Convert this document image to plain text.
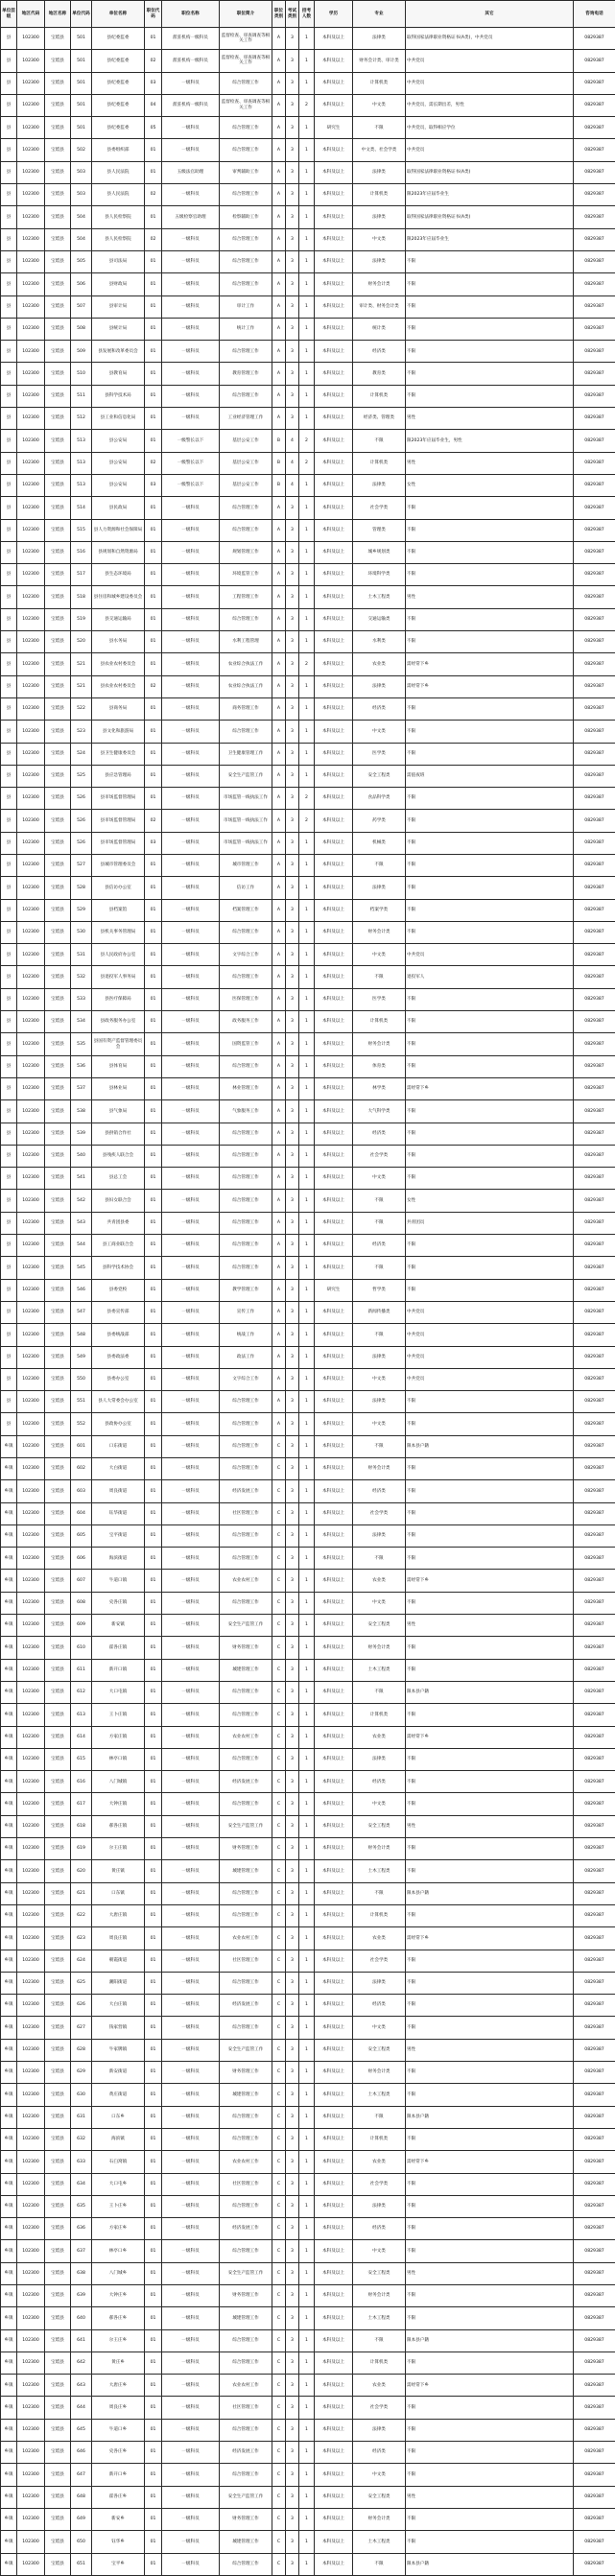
单位层级	地区代码	地区名称	单位代码	单位名称	职位代码	职位名称	职位简介	职位类别	考试类别	招考人数	学历	专业	其它	咨询电话
县	102300	宝坻县	501	县纪委监委	01	派驻机构一级科员	监督检查、审查调查等相关工作	A	3	1	本科及以上	法律类	取得国家法律职业资格证书(A类)，中共党员	0829387
县	102300	宝坻县	501	县纪委监委	02	派驻机构一级科员	监督检查、审查调查等相关工作	A	3	1	本科及以上	财务会计类、审计类	中共党员	0829387
县	102300	宝坻县	501	县纪委监委	03	一级科员	综合管理工作	A	3	1	本科及以上	计算机类	中共党员	0829387
县	102300	宝坻县	501	县纪委监委	04	派驻机构一级科员	监督检查、审查调查等相关工作	A	3	2	本科及以上	中文类	中共党员，需长期出差，男性	0829387
县	102300	宝坻县	501	县纪委监委	05	一级科员	综合管理工作	A	3	1	研究生	不限	中共党员，取得相应学位	0829387
县	102300	宝坻县	502	县委组织部	01	一级科员	综合管理工作	A	3	1	本科及以上	中文类、社会学类	中共党员	0829387
县	102300	宝坻县	503	县人民法院	01	五级法官助理	审判辅助工作	A	3	1	本科及以上	法律类	取得国家法律职业资格证书(A类)	0829387
县	102300	宝坻县	503	县人民法院	02	一级科员	综合管理工作	A	3	1	本科及以上	计算机类	限2023年应届毕业生	0829387
县	102300	宝坻县	504	县人民检察院	01	五级检察官助理	检察辅助工作	A	3	1	本科及以上	法律类	取得国家法律职业资格证书(A类)	0829387
县	102300	宝坻县	504	县人民检察院	02	一级科员	综合管理工作	A	3	1	本科及以上	中文类	限2023年应届毕业生	0829387
县	102300	宝坻县	505	县司法局	01	一级科员	综合管理工作	A	3	1	本科及以上	法律类	不限	0829387
县	102300	宝坻县	506	县财政局	01	一级科员	综合管理工作	A	3	1	本科及以上	财务会计类	不限	0829387
县	102300	宝坻县	507	县审计局	01	一级科员	审计工作	A	3	1	本科及以上	审计类、财务会计类	不限	0829387
县	102300	宝坻县	508	县统计局	01	一级科员	统计工作	A	3	1	本科及以上	统计类	不限	0829387
县	102300	宝坻县	509	县发展和改革委员会	01	一级科员	综合管理工作	A	3	1	本科及以上	经济类	不限	0829387
县	102300	宝坻县	510	县教育局	01	一级科员	教育管理工作	A	3	1	本科及以上	教育类	不限	0829387
县	102300	宝坻县	511	县科学技术局	01	一级科员	综合管理工作	A	3	1	本科及以上	计算机类	不限	0829387
县	102300	宝坻县	512	县工业和信息化局	01	一级科员	工业经济管理工作	A	3	1	本科及以上	经济类、管理类	男性	0829387
县	102300	宝坻县	513	县公安局	01	一级警长以下	基层公安工作	B	4	2	本科及以上	不限	限2023年应届毕业生，男性	0829387
县	102300	宝坻县	513	县公安局	02	一级警长以下	基层公安工作	B	4	2	本科及以上	计算机类	男性	0829387
县	102300	宝坻县	513	县公安局	03	一级警长以下	基层公安工作	B	4	1	本科及以上	法律类	女性	0829387
县	102300	宝坻县	514	县民政局	01	一级科员	综合管理工作	A	3	1	本科及以上	社会学类	不限	0829387
县	102300	宝坻县	515	县人力资源和社会保障局	01	一级科员	综合管理工作	A	3	1	本科及以上	管理类	不限	0829387
县	102300	宝坻县	516	县规划和自然资源局	01	一级科员	规划管理工作	A	3	1	本科及以上	城乡规划类	不限	0829387
县	102300	宝坻县	517	县生态环境局	01	一级科员	环境监管工作	A	3	1	本科及以上	环境科学类	不限	0829387
县	102300	宝坻县	518	县住房和城乡建设委员会	01	一级科员	工程管理工作	A	3	1	本科及以上	土木工程类	男性	0829387
县	102300	宝坻县	519	县交通运输局	01	一级科员	综合管理工作	A	3	1	本科及以上	交通运输类	不限	0829387
县	102300	宝坻县	520	县水务局	01	一级科员	水利工程管理	A	3	1	本科及以上	水利类	不限	0829387
县	102300	宝坻县	521	县农业农村委员会	01	一级科员	农业综合执法工作	A	3	2	本科及以上	农业类	需经常下乡	0829387
县	102300	宝坻县	521	县农业农村委员会	02	一级科员	农业综合执法工作	A	3	1	本科及以上	法律类	需经常下乡	0829387
县	102300	宝坻县	522	县商务局	01	一级科员	商务管理工作	A	3	1	本科及以上	经济类	不限	0829387
县	102300	宝坻县	523	县文化和旅游局	01	一级科员	综合管理工作	A	3	1	本科及以上	中文类	不限	0829387
县	102300	宝坻县	524	县卫生健康委员会	01	一级科员	卫生健康管理工作	A	3	1	本科及以上	医学类	不限	0829387
县	102300	宝坻县	525	县应急管理局	01	一级科员	安全生产监管工作	A	3	1	本科及以上	安全工程类	需值夜班	0829387
县	102300	宝坻县	526	县市场监督管理局	01	一级科员	市场监管一线执法工作	A	3	2	本科及以上	食品科学类	不限	0829387
县	102300	宝坻县	526	县市场监督管理局	02	一级科员	市场监管一线执法工作	A	3	2	本科及以上	药学类	不限	0829387
县	102300	宝坻县	526	县市场监督管理局	03	一级科员	市场监管一线执法工作	A	3	1	本科及以上	机械类	不限	0829387
县	102300	宝坻县	527	县城市管理委员会	01	一级科员	城市管理工作	A	3	1	本科及以上	不限	不限	0829387
县	102300	宝坻县	528	县信访办公室	01	一级科员	信访工作	A	3	1	本科及以上	法律类	不限	0829387
县	102300	宝坻县	529	县档案馆	01	一级科员	档案管理工作	A	3	1	本科及以上	档案学类	不限	0829387
县	102300	宝坻县	530	县机关事务管理局	01	一级科员	综合管理工作	A	3	1	本科及以上	财务会计类	不限	0829387
县	102300	宝坻县	531	县人民政府办公室	01	一级科员	文字综合工作	A	3	1	本科及以上	中文类	中共党员	0829387
县	102300	宝坻县	532	县退役军人事务局	01	一级科员	综合管理工作	A	3	1	本科及以上	不限	退役军人	0829387
县	102300	宝坻县	533	县医疗保障局	01	一级科员	医保管理工作	A	3	1	本科及以上	医学类	不限	0829387
县	102300	宝坻县	534	县政务服务办公室	01	一级科员	政务服务工作	A	3	1	本科及以上	计算机类	不限	0829387
县	102300	宝坻县	535	县国有资产监督管理委员会	01	一级科员	国资监管工作	A	3	1	本科及以上	财务会计类	不限	0829387
县	102300	宝坻县	536	县体育局	01	一级科员	综合管理工作	A	3	1	本科及以上	体育类	不限	0829387
县	102300	宝坻县	537	县林业局	01	一级科员	林业管理工作	A	3	1	本科及以上	林学类	需经常下乡	0829387
县	102300	宝坻县	538	县气象局	01	一级科员	气象服务工作	A	3	1	本科及以上	大气科学类	不限	0829387
县	102300	宝坻县	539	县供销合作社	01	一级科员	综合管理工作	A	3	1	本科及以上	经济类	不限	0829387
县	102300	宝坻县	540	县残疾人联合会	01	一级科员	综合管理工作	A	3	1	本科及以上	社会学类	不限	0829387
县	102300	宝坻县	541	县总工会	01	一级科员	综合管理工作	A	3	1	本科及以上	中文类	不限	0829387
县	102300	宝坻县	542	县妇女联合会	01	一级科员	综合管理工作	A	3	1	本科及以上	不限	女性	0829387
县	102300	宝坻县	543	共青团县委	01	一级科员	综合管理工作	A	3	1	本科及以上	不限	共青团员	0829387
县	102300	宝坻县	544	县工商业联合会	01	一级科员	综合管理工作	A	3	1	本科及以上	经济类	不限	0829387
县	102300	宝坻县	545	县科学技术协会	01	一级科员	综合管理工作	A	3	1	本科及以上	不限	不限	0829387
县	102300	宝坻县	546	县委党校	01	一级科员	教学管理工作	A	3	1	研究生	哲学类	不限	0829387
县	102300	宝坻县	547	县委宣传部	01	一级科员	宣传工作	A	3	1	本科及以上	新闻传播类	中共党员	0829387
县	102300	宝坻县	548	县委统战部	01	一级科员	统战工作	A	3	1	本科及以上	不限	中共党员	0829387
县	102300	宝坻县	549	县委政法委	01	一级科员	政法工作	A	3	1	本科及以上	法律类	中共党员	0829387
县	102300	宝坻县	550	县委办公室	01	一级科员	文字综合工作	A	3	1	本科及以上	中文类	中共党员	0829387
县	102300	宝坻县	551	县人大常委会办公室	01	一级科员	综合管理工作	A	3	1	本科及以上	法律类	不限	0829387
县	102300	宝坻县	552	县政协办公室	01	一级科员	综合管理工作	A	3	1	本科及以上	中文类	不限	0829387
乡镇	102300	宝坻县	601	口东街道	01	一级科员	综合管理工作	C	3	1	本科及以上	不限	限本县户籍	0829387
乡镇	102300	宝坻县	602	大白街道	01	一级科员	综合管理工作	C	3	1	本科及以上	财务会计类	不限	0829387
乡镇	102300	宝坻县	603	周良街道	01	一级科员	经济发展工作	C	3	1	本科及以上	经济类	不限	0829387
乡镇	102300	宝坻县	604	钰华街道	01	一级科员	社区管理工作	C	3	1	本科及以上	社会学类	不限	0829387
乡镇	102300	宝坻县	605	宝平街道	01	一级科员	综合管理工作	C	3	1	本科及以上	法律类	不限	0829387
乡镇	102300	宝坻县	606	海滨街道	01	一级科员	综合管理工作	C	3	1	本科及以上	不限	不限	0829387
乡镇	102300	宝坻县	607	牛道口镇	01	一级科员	农业农村工作	C	3	1	本科及以上	农业类	需经常下乡	0829387
乡镇	102300	宝坻县	608	史各庄镇	01	一级科员	综合管理工作	C	3	1	本科及以上	中文类	不限	0829387
乡镇	102300	宝坻县	609	新安镇	01	一级科员	安全生产监管工作	C	3	1	本科及以上	安全工程类	男性	0829387
乡镇	102300	宝坻县	610	霍各庄镇	01	一级科员	财务管理工作	C	3	1	本科及以上	财务会计类	不限	0829387
乡镇	102300	宝坻县	611	新开口镇	01	一级科员	城建管理工作	C	3	1	本科及以上	土木工程类	不限	0829387
乡镇	102300	宝坻县	612	大口屯镇	01	一级科员	综合管理工作	C	3	1	本科及以上	不限	限本县户籍	0829387
乡镇	102300	宝坻县	613	王卜庄镇	01	一级科员	综合管理工作	C	3	1	本科及以上	计算机类	不限	0829387
乡镇	102300	宝坻县	614	方家庄镇	01	一级科员	农业农村工作	C	3	1	本科及以上	农业类	需经常下乡	0829387
乡镇	102300	宝坻县	615	林亭口镇	01	一级科员	综合管理工作	C	3	1	本科及以上	法律类	不限	0829387
乡镇	102300	宝坻县	616	八门城镇	01	一级科员	经济发展工作	C	3	1	本科及以上	经济类	不限	0829387
乡镇	102300	宝坻县	617	大钟庄镇	01	一级科员	综合管理工作	C	3	1	本科及以上	中文类	不限	0829387
乡镇	102300	宝坻县	618	郝各庄镇	01	一级科员	安全生产监管工作	C	3	1	本科及以上	安全工程类	男性	0829387
乡镇	102300	宝坻县	619	尔王庄镇	01	一级科员	财务管理工作	C	3	1	本科及以上	财务会计类	不限	0829387
乡镇	102300	宝坻县	620	黄庄镇	01	一级科员	城建管理工作	C	3	1	本科及以上	土木工程类	不限	0829387
乡镇	102300	宝坻县	621	口东镇	01	一级科员	综合管理工作	C	3	1	本科及以上	不限	限本县户籍	0829387
乡镇	102300	宝坻县	622	大唐庄镇	01	一级科员	综合管理工作	C	3	1	本科及以上	计算机类	不限	0829387
乡镇	102300	宝坻县	623	周良庄镇	01	一级科员	农业农村工作	C	3	1	本科及以上	农业类	需经常下乡	0829387
乡镇	102300	宝坻县	624	朝霞街道	01	一级科员	社区管理工作	C	3	1	本科及以上	社会学类	不限	0829387
乡镇	102300	宝坻县	625	潮阳街道	01	一级科员	综合管理工作	C	3	1	本科及以上	法律类	不限	0829387
乡镇	102300	宝坻县	626	大白庄镇	01	一级科员	经济发展工作	C	3	1	本科及以上	经济类	不限	0829387
乡镇	102300	宝坻县	627	钱家营镇	01	一级科员	综合管理工作	C	3	1	本科及以上	中文类	不限	0829387
乡镇	102300	宝坻县	628	牛家牌镇	01	一级科员	安全生产监管工作	C	3	1	本科及以上	安全工程类	男性	0829387
乡镇	102300	宝坻县	629	新安街道	01	一级科员	财务管理工作	C	3	1	本科及以上	财务会计类	不限	0829387
乡镇	102300	宝坻县	630	黄庄街道	01	一级科员	城建管理工作	C	3	1	本科及以上	土木工程类	不限	0829387
乡镇	102300	宝坻县	631	口东乡	01	一级科员	综合管理工作	C	3	1	本科及以上	不限	限本县户籍	0829387
乡镇	102300	宝坻县	632	海滨镇	01	一级科员	综合管理工作	C	3	1	本科及以上	计算机类	不限	0829387
乡镇	102300	宝坻县	633	石臼窝镇	01	一级科员	农业农村工作	C	3	1	本科及以上	农业类	需经常下乡	0829387
乡镇	102300	宝坻县	634	大口屯乡	01	一级科员	社区管理工作	C	3	1	本科及以上	社会学类	不限	0829387
乡镇	102300	宝坻县	635	王卜庄乡	01	一级科员	综合管理工作	C	3	1	本科及以上	法律类	不限	0829387
乡镇	102300	宝坻县	636	方家庄乡	01	一级科员	经济发展工作	C	3	1	本科及以上	经济类	不限	0829387
乡镇	102300	宝坻县	637	林亭口乡	01	一级科员	综合管理工作	C	3	1	本科及以上	中文类	不限	0829387
乡镇	102300	宝坻县	638	八门城乡	01	一级科员	安全生产监管工作	C	3	1	本科及以上	安全工程类	男性	0829387
乡镇	102300	宝坻县	639	大钟庄乡	01	一级科员	财务管理工作	C	3	1	本科及以上	财务会计类	不限	0829387
乡镇	102300	宝坻县	640	郝各庄乡	01	一级科员	城建管理工作	C	3	1	本科及以上	土木工程类	不限	0829387
乡镇	102300	宝坻县	641	尔王庄乡	01	一级科员	综合管理工作	C	3	1	本科及以上	不限	限本县户籍	0829387
乡镇	102300	宝坻县	642	黄庄乡	01	一级科员	综合管理工作	C	3	1	本科及以上	计算机类	不限	0829387
乡镇	102300	宝坻县	643	大唐庄乡	01	一级科员	农业农村工作	C	3	1	本科及以上	农业类	需经常下乡	0829387
乡镇	102300	宝坻县	644	周良庄乡	01	一级科员	社区管理工作	C	3	1	本科及以上	社会学类	不限	0829387
乡镇	102300	宝坻县	645	牛道口乡	01	一级科员	综合管理工作	C	3	1	本科及以上	法律类	不限	0829387
乡镇	102300	宝坻县	646	史各庄乡	01	一级科员	经济发展工作	C	3	1	本科及以上	经济类	不限	0829387
乡镇	102300	宝坻县	647	新开口乡	01	一级科员	综合管理工作	C	3	1	本科及以上	中文类	不限	0829387
乡镇	102300	宝坻县	648	霍各庄乡	01	一级科员	安全生产监管工作	C	3	1	本科及以上	安全工程类	男性	0829387
乡镇	102300	宝坻县	649	新安乡	01	一级科员	财务管理工作	C	3	1	本科及以上	财务会计类	不限	0829387
乡镇	102300	宝坻县	650	钰华乡	01	一级科员	城建管理工作	C	3	1	本科及以上	土木工程类	不限	0829387
乡镇	102300	宝坻县	651	宝平乡	01	一级科员	综合管理工作	C	3	1	本科及以上	不限	限本县户籍	0829387
